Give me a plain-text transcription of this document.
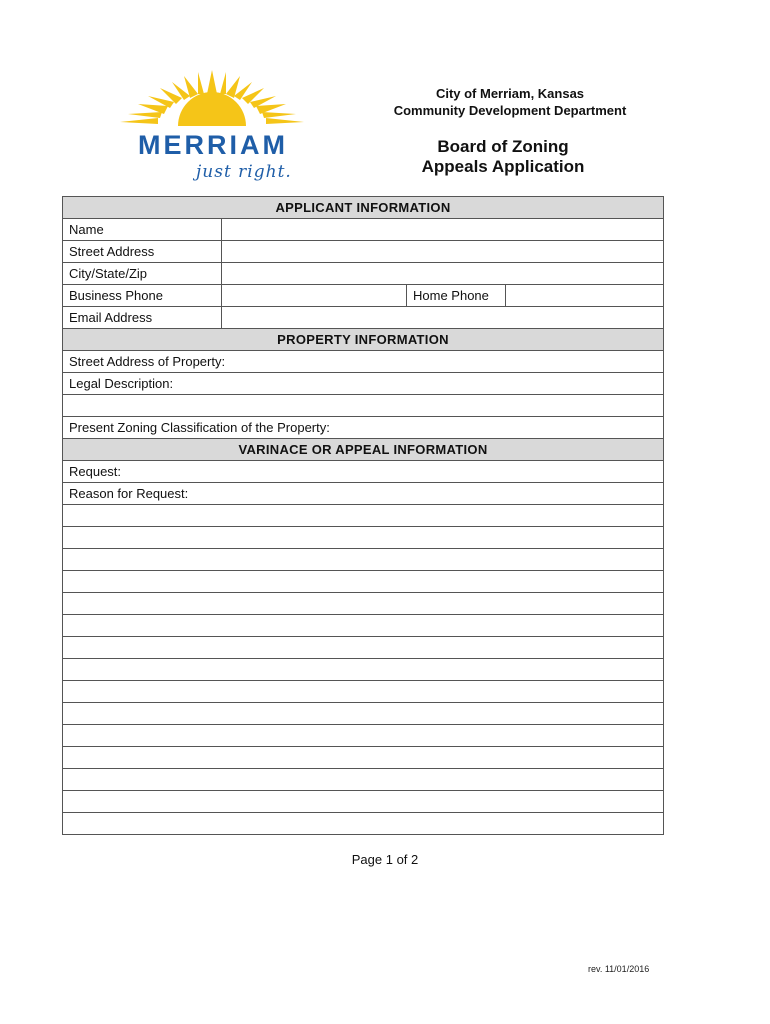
MERRIAM
just right.
City of Merriam, Kansas
Community Development Department
Board of Zoning
Appeals Application
APPLICANT INFORMATION
Name
Street Address
City/State/Zip
Business Phone	Home Phone
Email Address
PROPERTY INFORMATION
Street Address of Property:
Legal Description:
Present Zoning Classification of the Property:
VARINACE OR APPEAL INFORMATION
Request:
Reason for Request:
Page 1 of 2
rev. 11/01/2016
